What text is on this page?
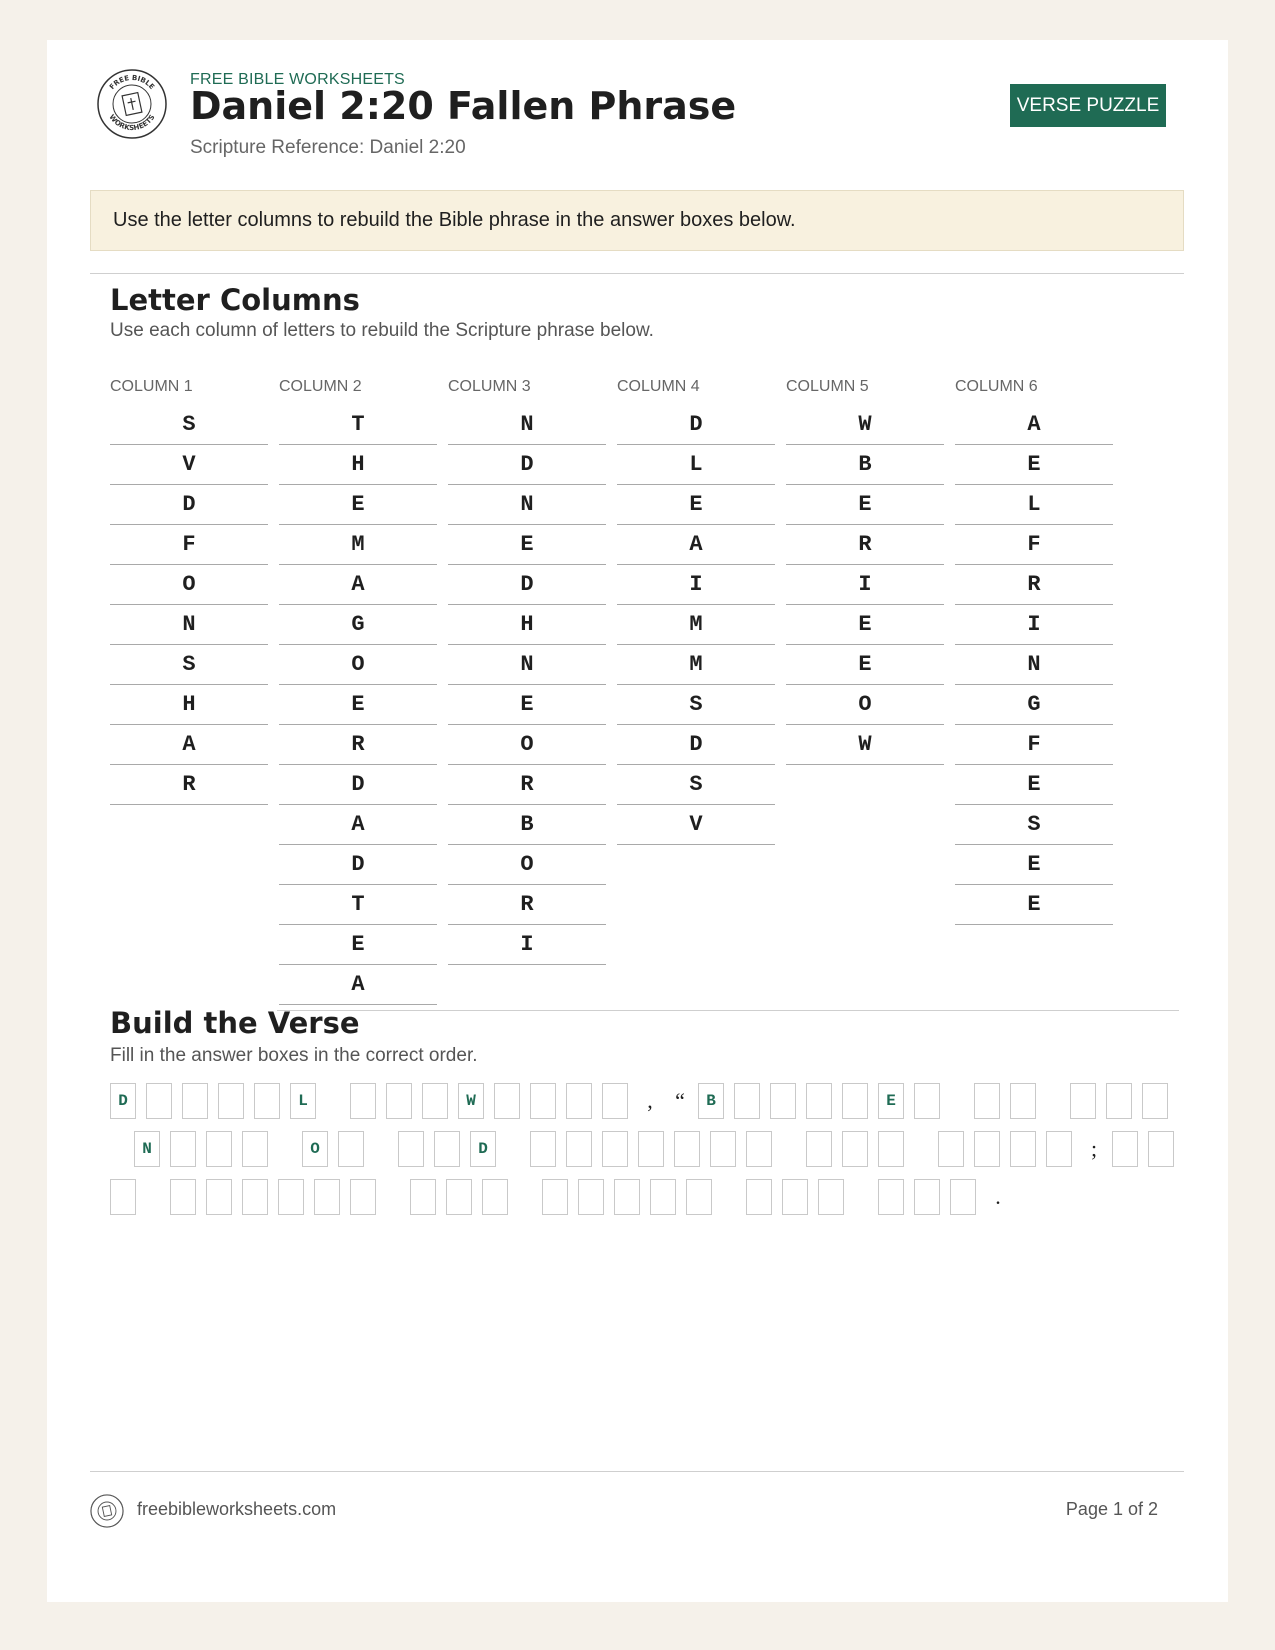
FREE BIBLE
WORKSHEETS
FREE BIBLE WORKSHEETS
Daniel 2:20 Fallen Phrase
Scripture Reference: Daniel 2:20
VERSE PUZZLE
Use the letter columns to rebuild the Bible phrase in the answer boxes below.
Letter Columns
Use each column of letters to rebuild the Scripture phrase below.
Build the Verse
Fill in the answer boxes in the correct order.
D	L	W	,	“	B	E
N	O	D	;
.
freebibleworksheets.com	Page 1 of 2
COLUMN 1
S
V
D
F
O
N
S
H
A
R
COLUMN 2
T
H
E
M
A
G
O
E
R
D
A
D
T
E
A
COLUMN 3
N
D
N
E
D
H
N
E
O
R
B
O
R
I
COLUMN 4
D
L
E
A
I
M
M
S
D
S
V
COLUMN 5
W
B
E
R
I
E
E
O
W
COLUMN 6
A
E
L
F
R
I
N
G
F
E
S
E
E
